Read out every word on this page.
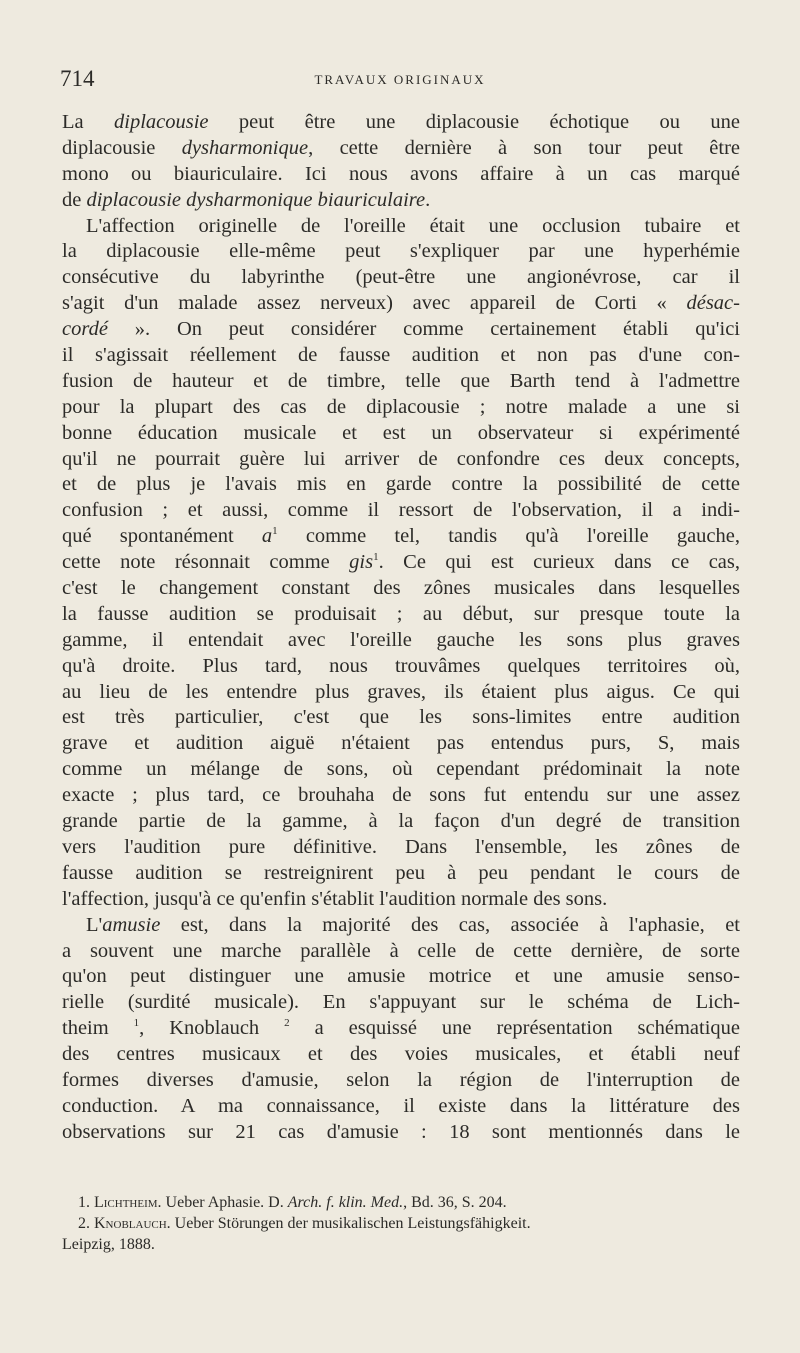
714	TRAVAUX ORIGINAUX
La diplacousie peut être une diplacousie échotique ou une
diplacousie dysharmonique, cette dernière à son tour peut être
mono ou biauriculaire. Ici nous avons affaire à un cas marqué
de diplacousie dysharmonique biauriculaire.
L'affection originelle de l'oreille était une occlusion tubaire et
la diplacousie elle-même peut s'expliquer par une hyperhémie
consécutive du labyrinthe (peut-être une angionévrose, car il
s'agit d'un malade assez nerveux) avec appareil de Corti « désac-
cordé ». On peut considérer comme certainement établi qu'ici
il s'agissait réellement de fausse audition et non pas d'une con-
fusion de hauteur et de timbre, telle que Barth tend à l'admettre
pour la plupart des cas de diplacousie ; notre malade a une si
bonne éducation musicale et est un observateur si expérimenté
qu'il ne pourrait guère lui arriver de confondre ces deux concepts,
et de plus je l'avais mis en garde contre la possibilité de cette
confusion ; et aussi, comme il ressort de l'observation, il a indi-
qué spontanément $a^1$ comme tel, tandis qu'à l'oreille gauche,
cette note résonnait comme gis$^1$. Ce qui est curieux dans ce cas,
c'est le changement constant des zônes musicales dans lesquelles
la fausse audition se produisait ; au début, sur presque toute la
gamme, il entendait avec l'oreille gauche les sons plus graves
qu'à droite. Plus tard, nous trouvâmes quelques territoires où,
au lieu de les entendre plus graves, ils étaient plus aigus. Ce qui
est très particulier, c'est que les sons-limites entre audition
grave et audition aiguë n'étaient pas entendus purs, S, mais
comme un mélange de sons, où cependant prédominait la note
exacte ; plus tard, ce brouhaha de sons fut entendu sur une assez
grande partie de la gamme, à la façon d'un degré de transition
vers l'audition pure définitive. Dans l'ensemble, les zônes de
fausse audition se restreignirent peu à peu pendant le cours de
l'affection, jusqu'à ce qu'enfin s'établit l'audition normale des sons.
L'amusie est, dans la majorité des cas, associée à l'aphasie, et
a souvent une marche parallèle à celle de cette dernière, de sorte
qu'on peut distinguer une amusie motrice et une amusie senso-
rielle (surdité musicale). En s'appuyant sur le schéma de Lich-
theim $^1$, Knoblauch $^2$ a esquissé une représentation schématique
des centres musicaux et des voies musicales, et établi neuf
formes diverses d'amusie, selon la région de l'interruption de
conduction. A ma connaissance, il existe dans la littérature des
observations sur 21 cas d'amusie : 18 sont mentionnés dans le
1. Lichtheim. Ueber Aphasie. D. Arch. f. klin. Med., Bd. 36, S. 204.
2. Knoblauch. Ueber Störungen der musikalischen Leistungsfähigkeit.
Leipzig, 1888.
